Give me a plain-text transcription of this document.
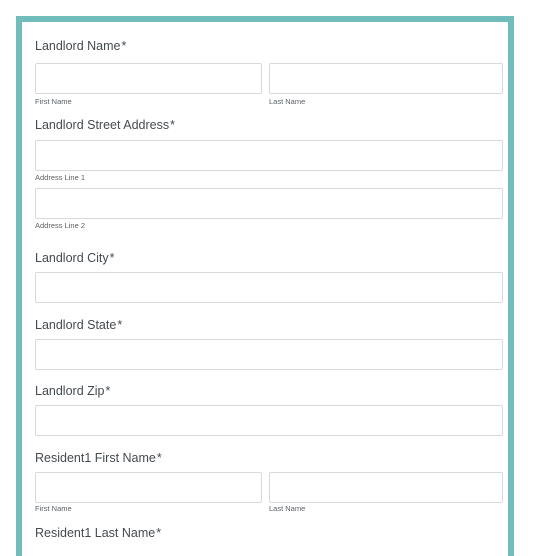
Landlord Name*
First Name	Last Name
Landlord Street Address*
Address Line 1
Address Line 2
Landlord City*
Landlord State*
Landlord Zip*
Resident1 First Name*
First Name	Last Name
Resident1 Last Name*
